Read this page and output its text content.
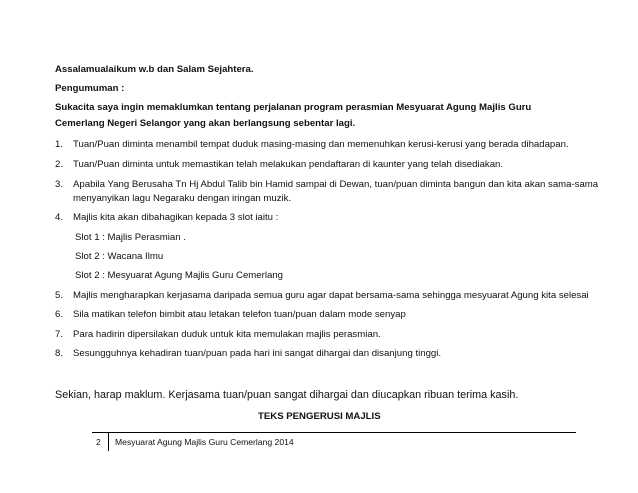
Assalamualaikum w.b dan Salam Sejahtera.
Pengumuman :
Sukacita saya ingin memaklumkan tentang perjalanan program perasmian Mesyuarat Agung Majlis Guru
Cemerlang Negeri Selangor yang akan berlangsung sebentar lagi.
1.	Tuan/Puan diminta menambil tempat duduk masing-masing dan memenuhkan kerusi-kerusi yang berada dihadapan.
2.	Tuan/Puan diminta untuk memastikan telah melakukan pendaftaran di kaunter yang telah disediakan.
3.	Apabila Yang Berusaha Tn Hj Abdul Talib bin Hamid sampai di Dewan, tuan/puan diminta bangun dan kita akan sama-sama
menyanyikan lagu Negaraku dengan iringan muzik.
4.	Majlis kita akan dibahagikan kepada 3 slot iaitu :
Slot 1 : Majlis Perasmian .
Slot 2 : Wacana Ilmu
Slot 2 : Mesyuarat Agung Majlis Guru Cemerlang
5.	Majlis mengharapkan kerjasama daripada semua guru agar dapat bersama-sama sehingga mesyuarat Agung kita selesai
6.	Sila matikan telefon bimbit atau letakan telefon tuan/puan dalam mode senyap
7.	Para hadirin dipersilakan duduk untuk kita memulakan majlis perasmian.
8.	Sesungguhnya kehadiran tuan/puan pada hari ini sangat dihargai dan disanjung tinggi.
Sekian, harap maklum. Kerjasama tuan/puan sangat dihargai dan diucapkan ribuan terima kasih.
TEKS PENGERUSI MAJLIS
2	Mesyuarat Agung Majlis Guru Cemerlang 2014
